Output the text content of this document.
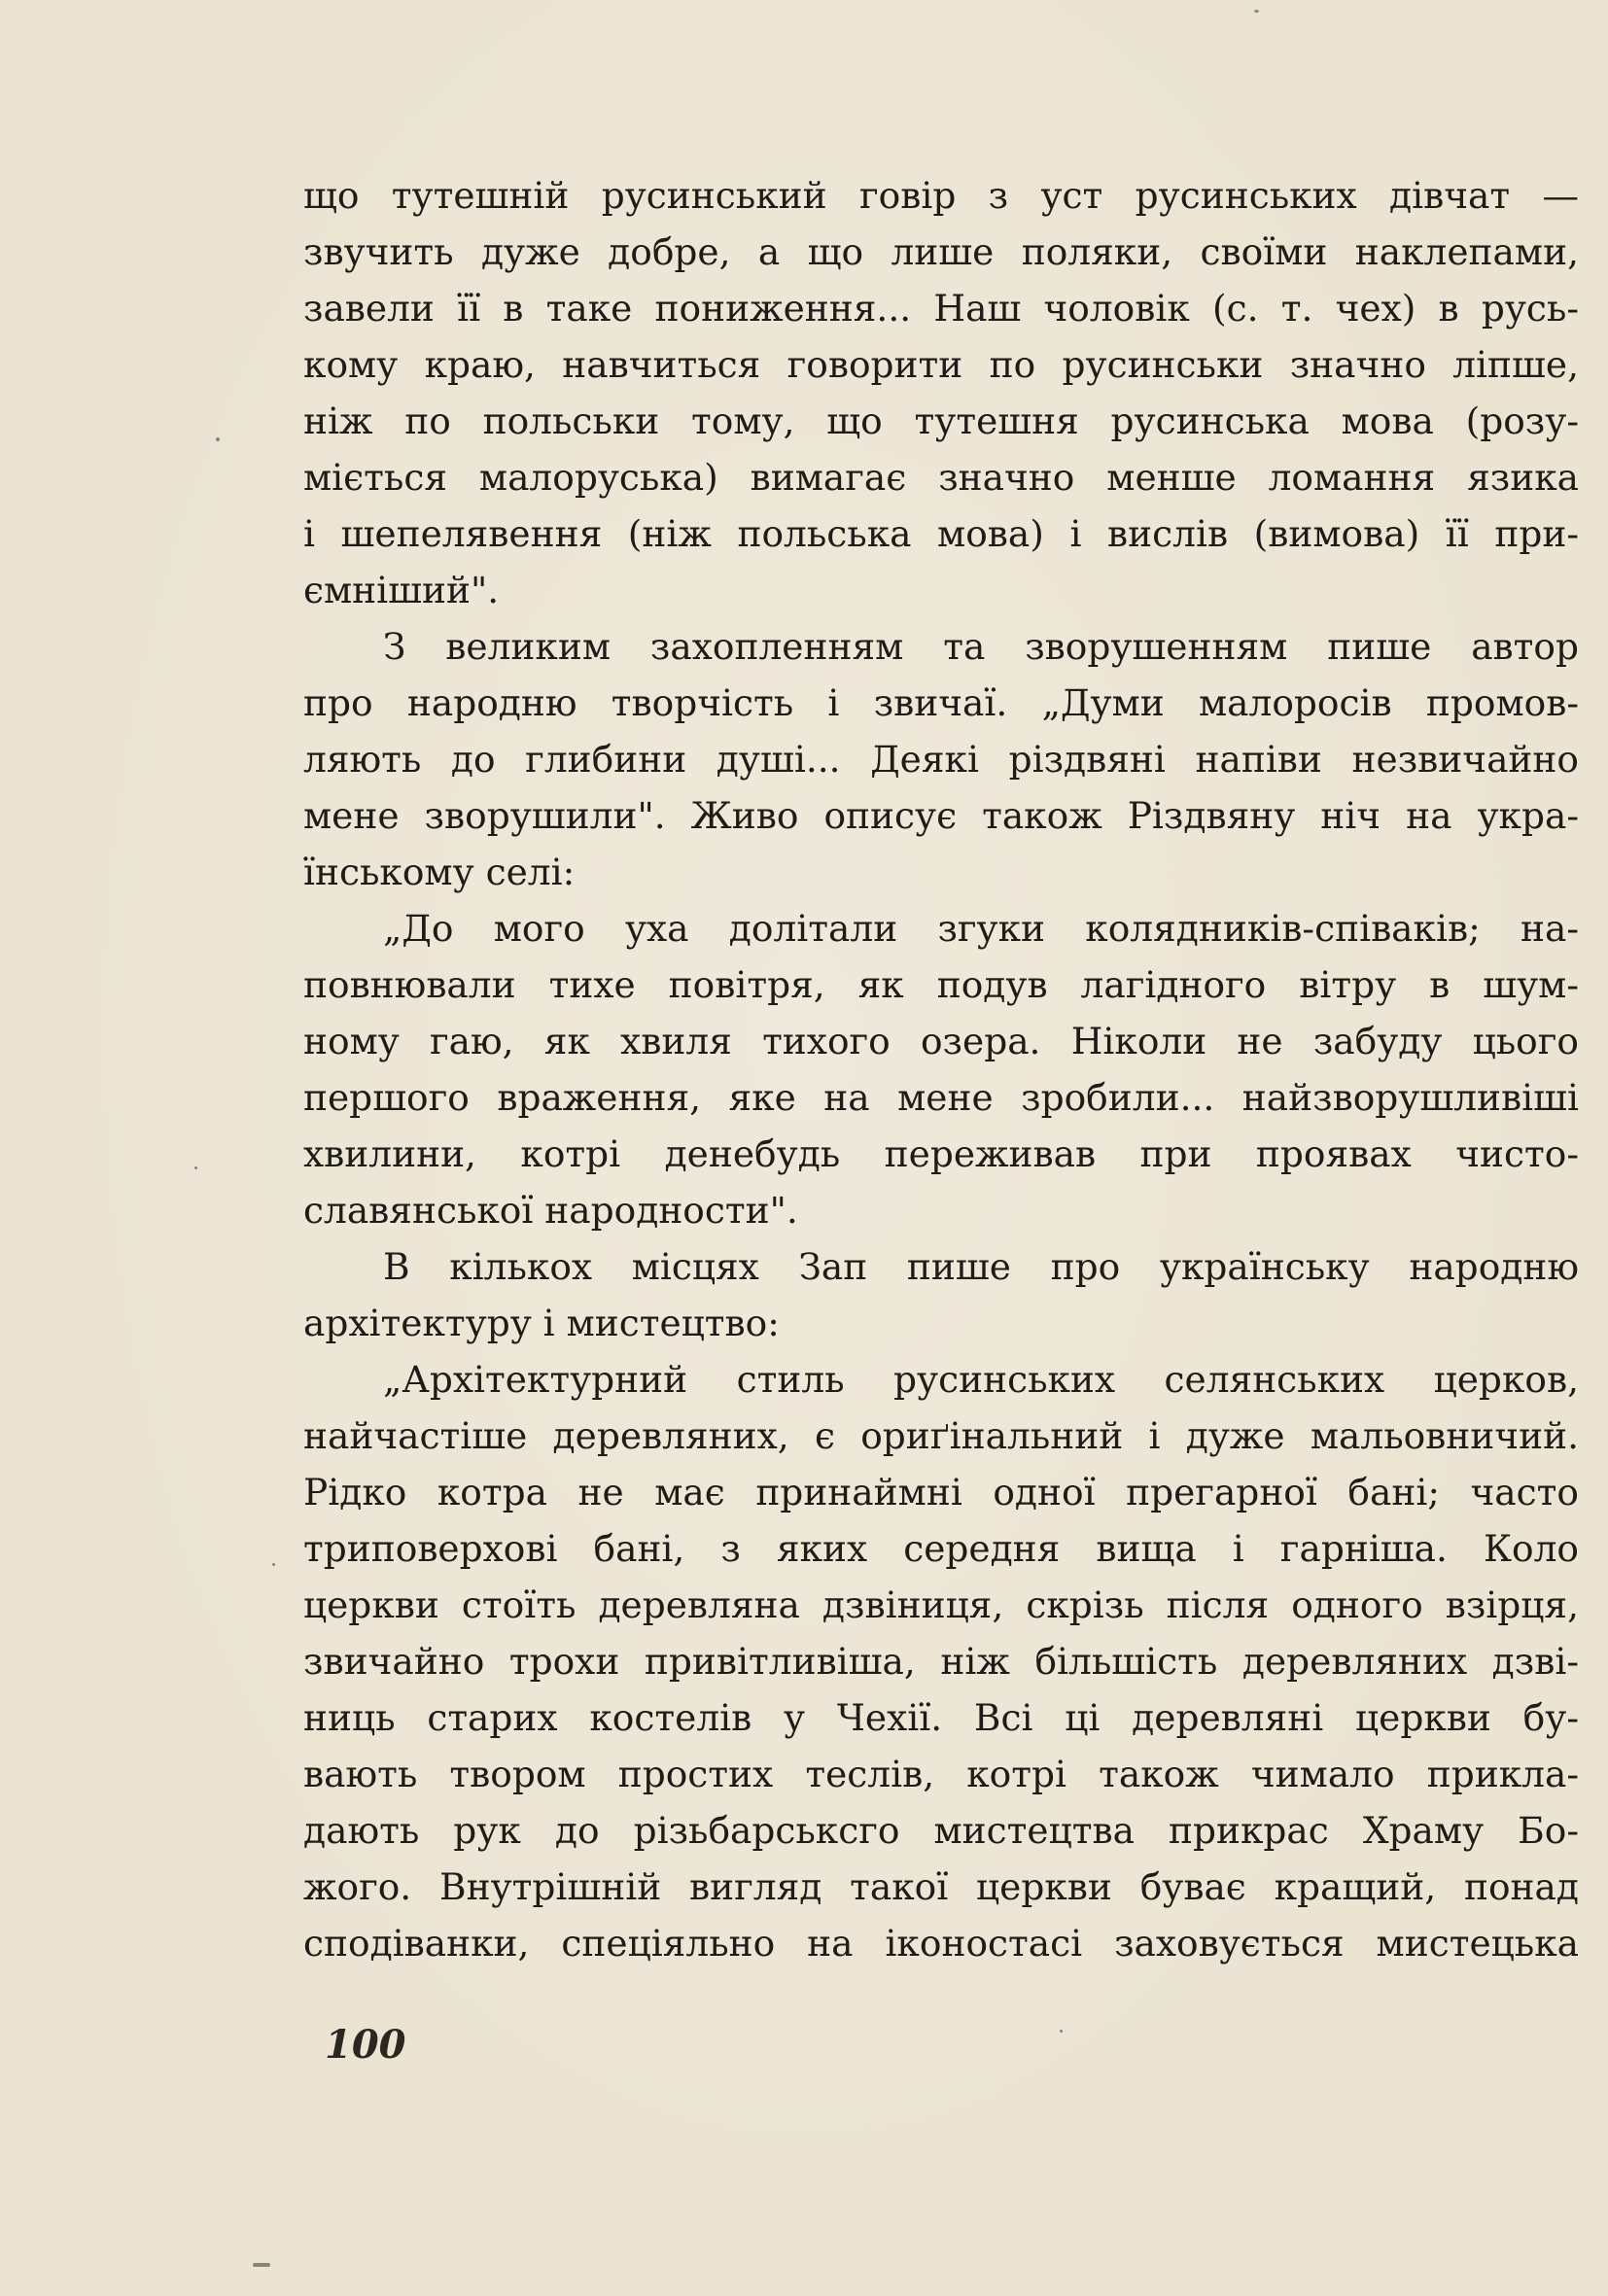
що тутешній русинський говір з уст русинських дівчат —
звучить дуже добре, а що лише поляки, своїми наклепами,
завели її в таке пониження... Наш чоловік (с. т. чех) в русь-
кому краю, навчиться говорити по русинськи значно ліпше,
ніж по польськи тому, що тутешня русинська мова (розу-
міється малоруська) вимагає значно менше ломання язика
і шепелявення (ніж польська мова) і вислів (вимова) її при-
ємніший".
З великим захопленням та зворушенням пише автор
про народню творчість і звичаї. „Думи малоросів промов-
ляють до глибини душі... Деякі різдвяні напіви незвичайно
мене зворушили". Живо описує також Різдвяну ніч на укра-
їнському селі:
„До мого уха долітали згуки колядників-співаків; на-
повнювали тихе повітря, як подув лагідного вітру в шум-
ному гаю, як хвиля тихого озера. Ніколи не забуду цього
першого враження, яке на мене зробили... найзворушливіші
хвилини, котрі денебудь переживав при проявах чисто-
славянської народности".
В кількох місцях Зап пише про українську народню
архітектуру і мистецтво:
„Архітектурний стиль русинських селянських церков,
найчастіше деревляних, є ориґінальний і дуже мальовничий.
Рідко котра не має принаймні одної прегарної бані; часто
триповерхові бані, з яких середня вища і гарніша. Коло
церкви стоїть деревляна дзвіниця, скрізь після одного взірця,
звичайно трохи привітливіша, ніж більшість деревляних дзві-
ниць старих костелів у Чехії. Всі ці деревляні церкви бу-
вають твором простих теслів, котрі також чимало прикла-
дають рук до різьбарськсго мистецтва прикрас Храму Бо-
жого. Внутрішній вигляд такої церкви буває кращий, понад
сподіванки, спеціяльно на іконостасі заховується мистецька
100
